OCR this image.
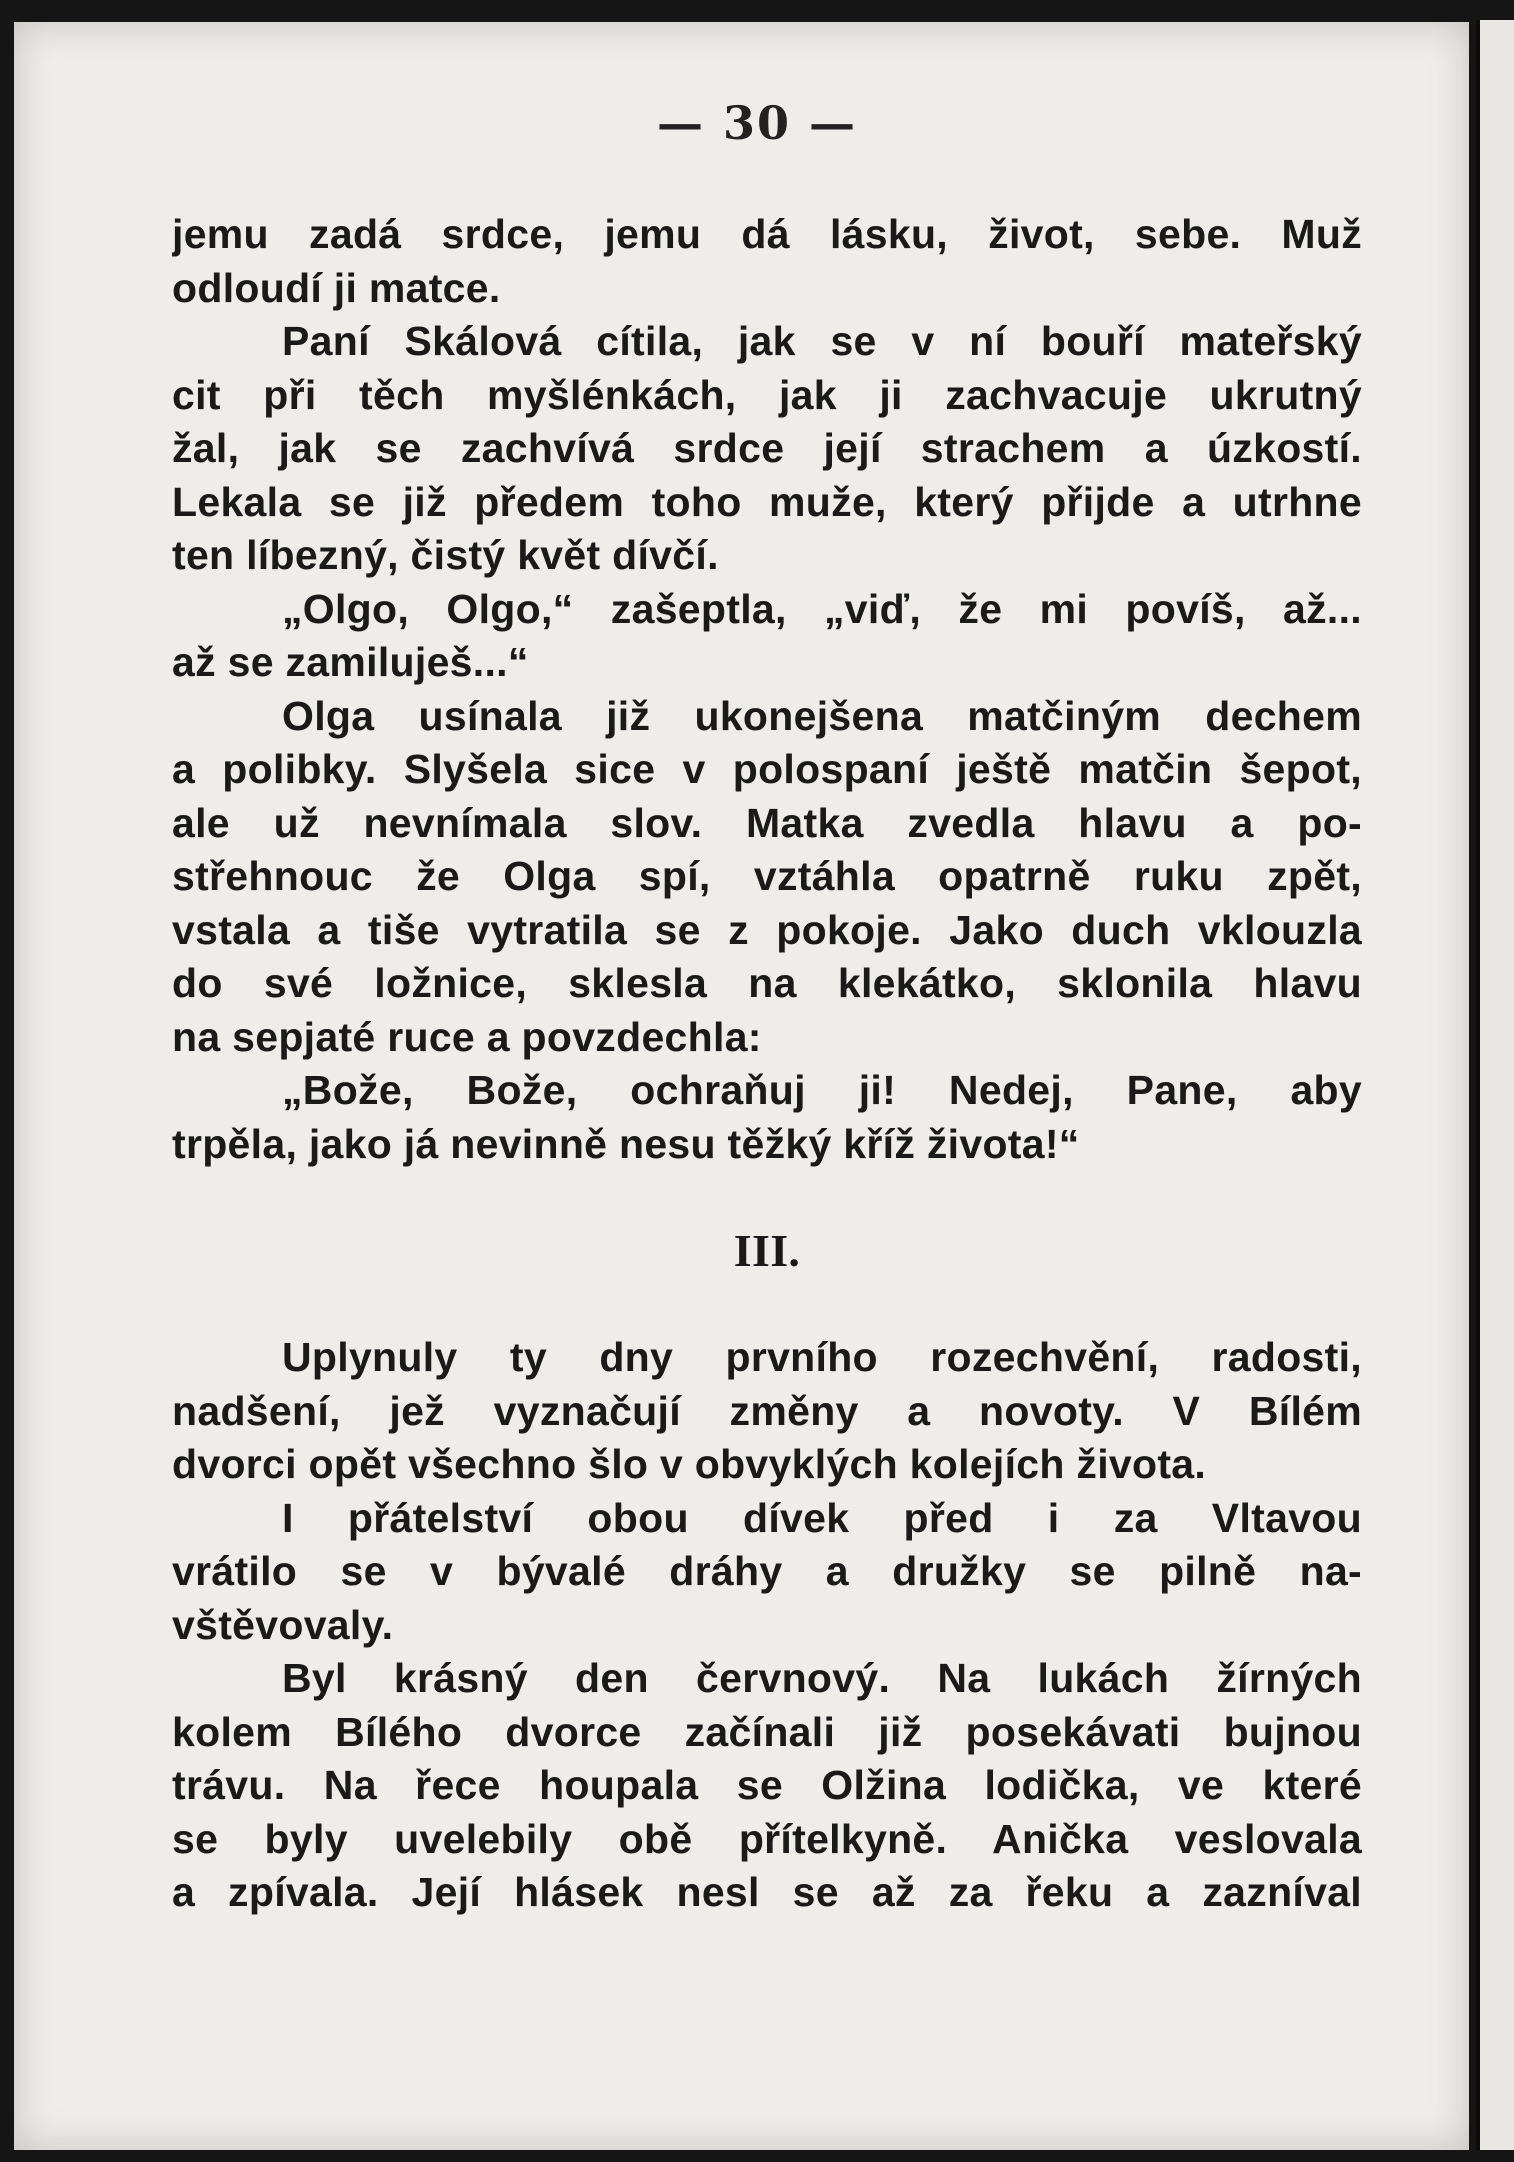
— 30 —
jemu zadá srdce, jemu dá lásku, život, sebe. Muž
odloudí ji matce.
Paní Skálová cítila, jak se v ní bouří mateřský
cit při těch myšlénkách, jak ji zachvacuje ukrutný
žal, jak se zachvívá srdce její strachem a úzkostí.
Lekala se již předem toho muže, který přijde a utrhne
ten líbezný, čistý květ dívčí.
„Olgo, Olgo,“ zašeptla, „viď, že mi povíš, až...
až se zamiluješ...“
Olga usínala již ukonejšena matčiným dechem
a polibky. Slyšela sice v polospaní ještě matčin šepot,
ale už nevnímala slov. Matka zvedla hlavu a po-
střehnouc že Olga spí, vztáhla opatrně ruku zpět,
vstala a tiše vytratila se z pokoje. Jako duch vklouzla
do své ložnice, sklesla na klekátko, sklonila hlavu
na sepjaté ruce a povzdechla:
„Bože, Bože, ochraňuj ji! Nedej, Pane, aby
trpěla, jako já nevinně nesu těžký kříž života!“
III.
Uplynuly ty dny prvního rozechvění, radosti,
nadšení, jež vyznačují změny a novoty. V Bílém
dvorci opět všechno šlo v obvyklých kolejích života.
I přátelství obou dívek před i za Vltavou
vrátilo se v bývalé dráhy a družky se pilně na-
vštěvovaly.
Byl krásný den červnový. Na lukách žírných
kolem Bílého dvorce začínali již posekávati bujnou
trávu. Na řece houpala se Olžina lodička, ve které
se byly uvelebily obě přítelkyně. Anička veslovala
a zpívala. Její hlásek nesl se až za řeku a zazníval
